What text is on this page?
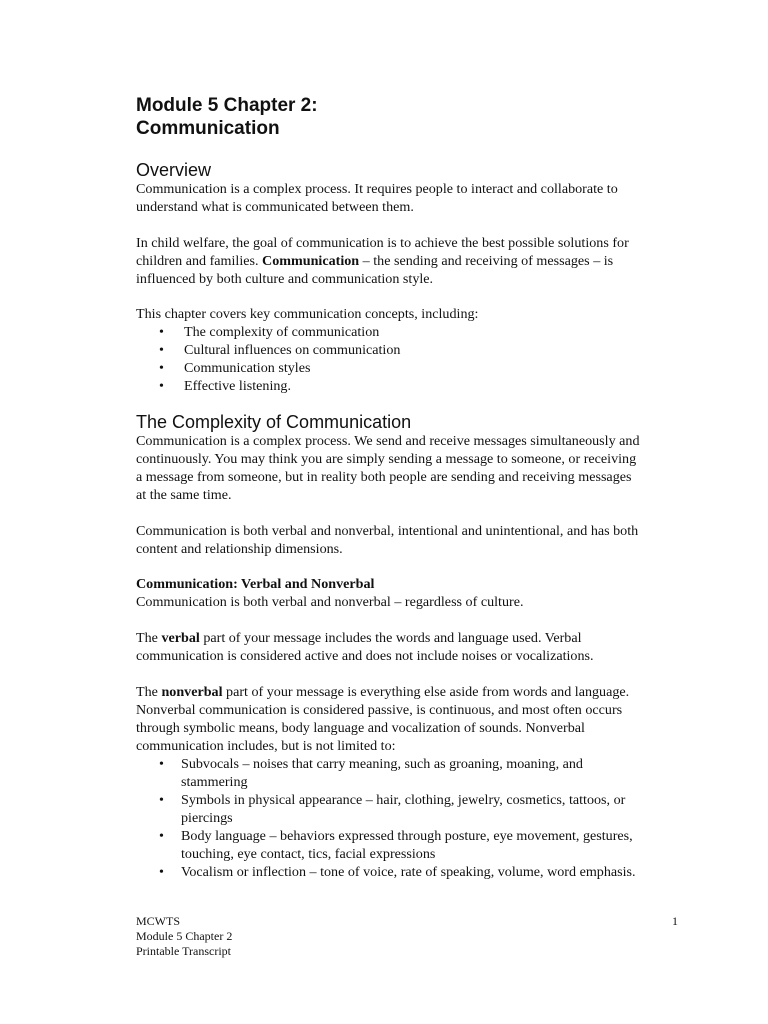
Module 5 Chapter 2:
Communication
Overview
Communication is a complex process. It requires people to interact and collaborate to
understand what is communicated between them.
In child welfare, the goal of communication is to achieve the best possible solutions for
children and families. Communication – the sending and receiving of messages – is
influenced by both culture and communication style.
This chapter covers key communication concepts, including:
• The complexity of communication
• Cultural influences on communication
• Communication styles
• Effective listening.
The Complexity of Communication
Communication is a complex process. We send and receive messages simultaneously and
continuously. You may think you are simply sending a message to someone, or receiving
a message from someone, but in reality both people are sending and receiving messages
at the same time.
Communication is both verbal and nonverbal, intentional and unintentional, and has both
content and relationship dimensions.
Communication: Verbal and Nonverbal
Communication is both verbal and nonverbal – regardless of culture.
The verbal part of your message includes the words and language used. Verbal
communication is considered active and does not include noises or vocalizations.
The nonverbal part of your message is everything else aside from words and language.
Nonverbal communication is considered passive, is continuous, and most often occurs
through symbolic means, body language and vocalization of sounds. Nonverbal
communication includes, but is not limited to:
• Subvocals – noises that carry meaning, such as groaning, moaning, and
stammering
• Symbols in physical appearance – hair, clothing, jewelry, cosmetics, tattoos, or
piercings
• Body language – behaviors expressed through posture, eye movement, gestures,
touching, eye contact, tics, facial expressions
• Vocalism or inflection – tone of voice, rate of speaking, volume, word emphasis.
MCWTS
Module 5 Chapter 2
Printable Transcript
1
